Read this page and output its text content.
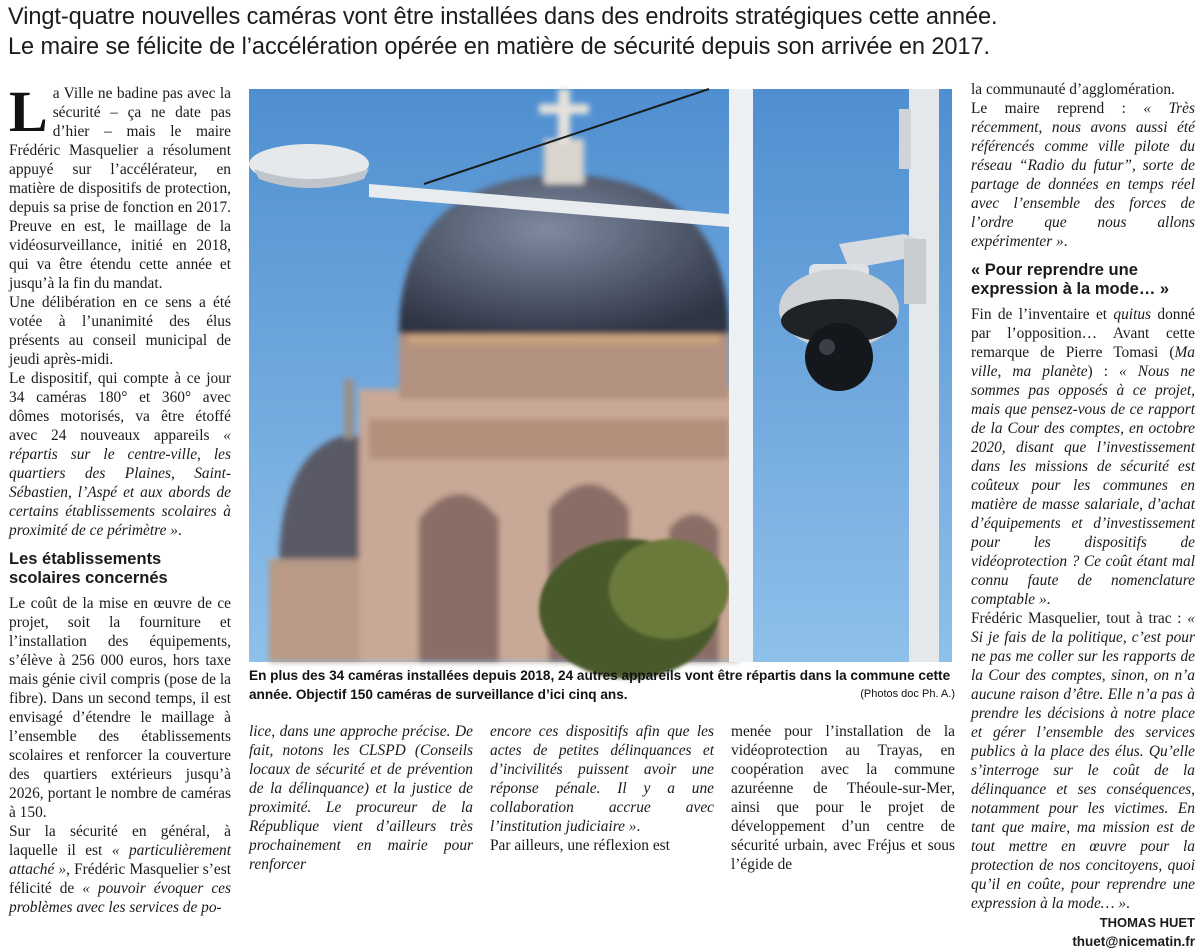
Vingt-quatre nouvelles caméras vont être installées dans des endroits stratégiques cette année.
Le maire se félicite de l’accélération opérée en matière de sécurité depuis son arrivée en 2017.

La Ville ne badine pas avec la sécurité – ça ne date pas d’hier – mais le maire Frédéric Masquelier a résolument appuyé sur l’accélérateur, en matière de dispositifs de protection, depuis sa prise de fonction en 2017. Preuve en est, le maillage de la vidéosurveillance, initié en 2018, qui va être étendu cette année et jusqu’à la fin du mandat.

Une délibération en ce sens a été votée à l’unanimité des élus présents au conseil municipal de jeudi après-midi.

Le dispositif, qui compte à ce jour 34 caméras 180° et 360° avec dômes motorisés, va être étoffé avec 24 nouveaux appareils « répartis sur le centre-ville, les quartiers des Plaines, Saint-Sébastien, l’Aspé et aux abords de certains établissements scolaires à proximité de ce périmètre ».

Les établissements scolaires concernés

Le coût de la mise en œuvre de ce projet, soit la fourniture et l’installation des équipements, s’élève à 256 000 euros, hors taxe mais génie civil compris (pose de la fibre). Dans un second temps, il est envisagé d’étendre le maillage à l’ensemble des établissements scolaires et renforcer la couverture des quartiers extérieurs jusqu’à 2026, portant le nombre de caméras à 150.

Sur la sécurité en général, à laquelle il est « particulièrement attaché », Frédéric Masquelier s’est félicité de « pouvoir évoquer ces problèmes avec les services de po-

En plus des 34 caméras installées depuis 2018, 24 autres appareils vont être répartis dans la commune cette année. Objectif 150 caméras de surveillance d’ici cinq ans.	(Photos doc Ph. A.)

lice, dans une approche précise. De fait, notons les CLSPD (Conseils locaux de sécurité et de prévention de la délinquance) et la justice de proximité. Le procureur de la République vient d’ailleurs très prochainement en mairie pour renforcer

encore ces dispositifs afin que les actes de petites délinquances et d’incivilités puissent avoir une réponse pénale. Il y a une collaboration accrue avec l’institution judiciaire ».

Par ailleurs, une réflexion est

menée pour l’installation de la vidéoprotection au Trayas, en coopération avec la commune azuréenne de Théoule-sur-Mer, ainsi que pour le projet de développement d’un centre de sécurité urbain, avec Fréjus et sous l’égide de

la communauté d’agglomération.

Le maire reprend : « Très récemment, nous avons aussi été référencés comme ville pilote du réseau “Radio du futur”, sorte de partage de données en temps réel avec l’ensemble des forces de l’ordre que nous allons expérimenter ».

« Pour reprendre une expression à la mode… »

Fin de l’inventaire et quitus donné par l’opposition… Avant cette remarque de Pierre Tomasi (Ma ville, ma planète) : « Nous ne sommes pas opposés à ce projet, mais que pensez-vous de ce rapport de la Cour des comptes, en octobre 2020, disant que l’investissement dans les missions de sécurité est coûteux pour les communes en matière de masse salariale, d’achat d’équipements et d’investissement pour les dispositifs de vidéoprotection ? Ce coût étant mal connu faute de nomenclature comptable ».

Frédéric Masquelier, tout à trac : « Si je fais de la politique, c’est pour ne pas me coller sur les rapports de la Cour des comptes, sinon, on n’a aucune raison d’être. Elle n’a pas à prendre les décisions à notre place et gérer l’ensemble des services publics à la place des élus. Qu’elle s’interroge sur le coût de la délinquance et ses conséquences, notamment pour les victimes. En tant que maire, ma mission est de tout mettre en œuvre pour la protection de nos concitoyens, quoi qu’il en coûte, pour reprendre une expression à la mode… ».

THOMAS HUET
thuet@nicematin.fr
